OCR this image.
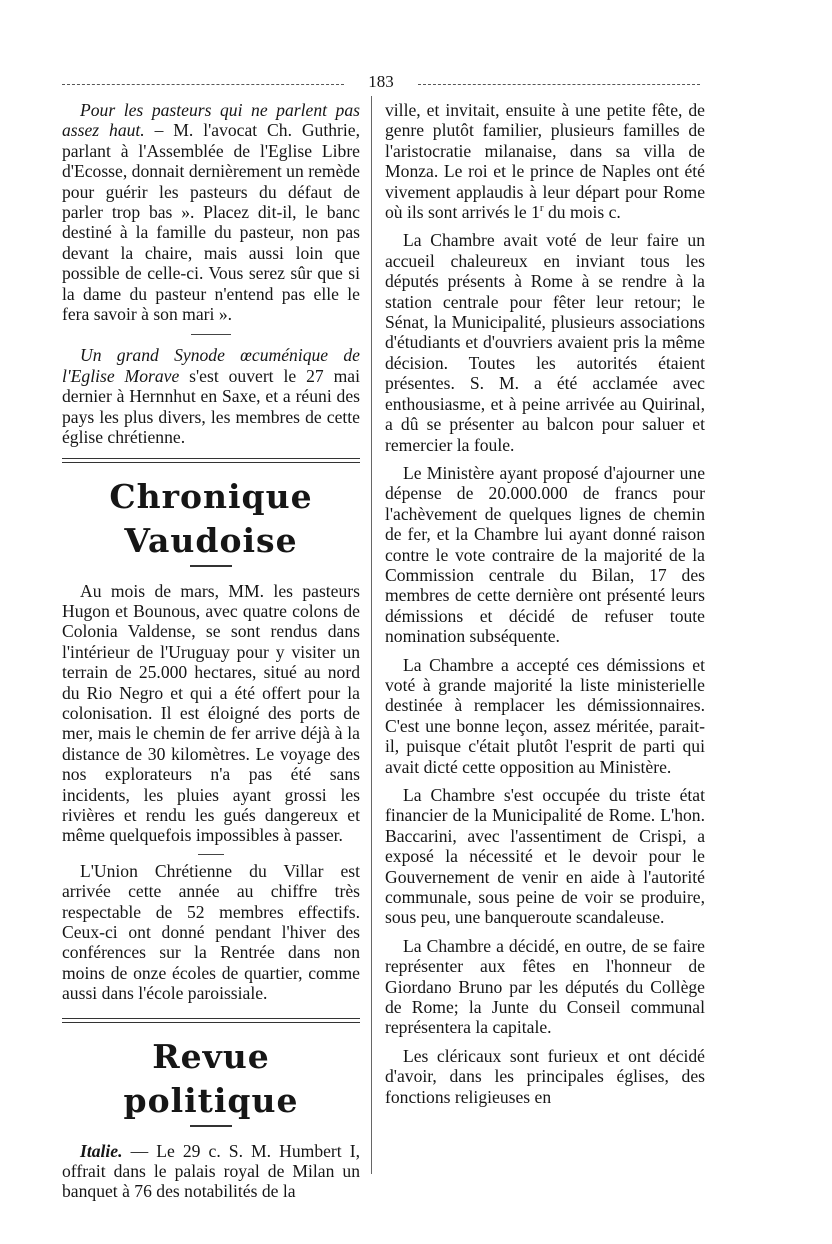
183

Pour les pasteurs qui ne parlent pas assez haut. – M. l'avocat Ch. Guthrie, parlant à l'Assemblée de l'Eglise Libre d'Ecosse, donnait dernièrement un remède pour guérir les pasteurs du défaut de parler trop bas ». Placez dit-il, le banc destiné à la famille du pasteur, non pas devant la chaire, mais aussi loin que possible de celle-ci. Vous serez sûr que si la dame du pasteur n'entend pas elle le fera savoir à son mari ».

Un grand Synode œcuménique de l'Eglise Morave s'est ouvert le 27 mai dernier à Hernnhut en Saxe, et a réuni des pays les plus divers, les membres de cette église chrétienne.

Chronique Vaudoise

Au mois de mars, MM. les pasteurs Hugon et Bounous, avec quatre colons de Colonia Valdense, se sont rendus dans l'intérieur de l'Uruguay pour y visiter un terrain de 25.000 hectares, situé au nord du Rio Negro et qui a été offert pour la colonisation. Il est éloigné des ports de mer, mais le chemin de fer arrive déjà à la distance de 30 kilomètres. Le voyage des nos explorateurs n'a pas été sans incidents, les pluies ayant grossi les rivières et rendu les gués dangereux et même quelquefois impossibles à passer.

L'Union Chrétienne du Villar est arrivée cette année au chiffre très respectable de 52 membres effectifs. Ceux-ci ont donné pendant l'hiver des conférences sur la Rentrée dans non moins de onze écoles de quartier, comme aussi dans l'école paroissiale.

Revue politique

Italie. — Le 29 c. S. M. Humbert I, offrait dans le palais royal de Milan un banquet à 76 des notabilités de la

ville, et invitait, ensuite à une petite fête, de genre plutôt familier, plusieurs familles de l'aristocratie milanaise, dans sa villa de Monza. Le roi et le prince de Naples ont été vivement applaudis à leur départ pour Rome où ils sont arrivés le 1$^r$ du mois c.

La Chambre avait voté de leur faire un accueil chaleureux en inviant tous les députés présents à Rome à se rendre à la station centrale pour fêter leur retour; le Sénat, la Municipalité, plusieurs associations d'étudiants et d'ouvriers avaient pris la même décision. Toutes les autorités étaient présentes. S. M. a été acclamée avec enthousiasme, et à peine arrivée au Quirinal, a dû se présenter au balcon pour saluer et remercier la foule.

Le Ministère ayant proposé d'ajourner une dépense de 20.000.000 de francs pour l'achèvement de quelques lignes de chemin de fer, et la Chambre lui ayant donné raison contre le vote contraire de la majorité de la Commission centrale du Bilan, 17 des membres de cette dernière ont présenté leurs démissions et décidé de refuser toute nomination subséquente.

La Chambre a accepté ces démissions et voté à grande majorité la liste ministerielle destinée à remplacer les démissionnaires. C'est une bonne leçon, assez méritée, parait-il, puisque c'était plutôt l'esprit de parti qui avait dicté cette opposition au Ministère.

La Chambre s'est occupée du triste état financier de la Municipalité de Rome. L'hon. Baccarini, avec l'assentiment de Crispi, a exposé la nécessité et le devoir pour le Gouvernement de venir en aide à l'autorité communale, sous peine de voir se produire, sous peu, une banqueroute scandaleuse.

La Chambre a décidé, en outre, de se faire représenter aux fêtes en l'honneur de Giordano Bruno par les députés du Collège de Rome; la Junte du Conseil communal représentera la capitale.

Les cléricaux sont furieux et ont décidé d'avoir, dans les principales églises, des fonctions religieuses en
